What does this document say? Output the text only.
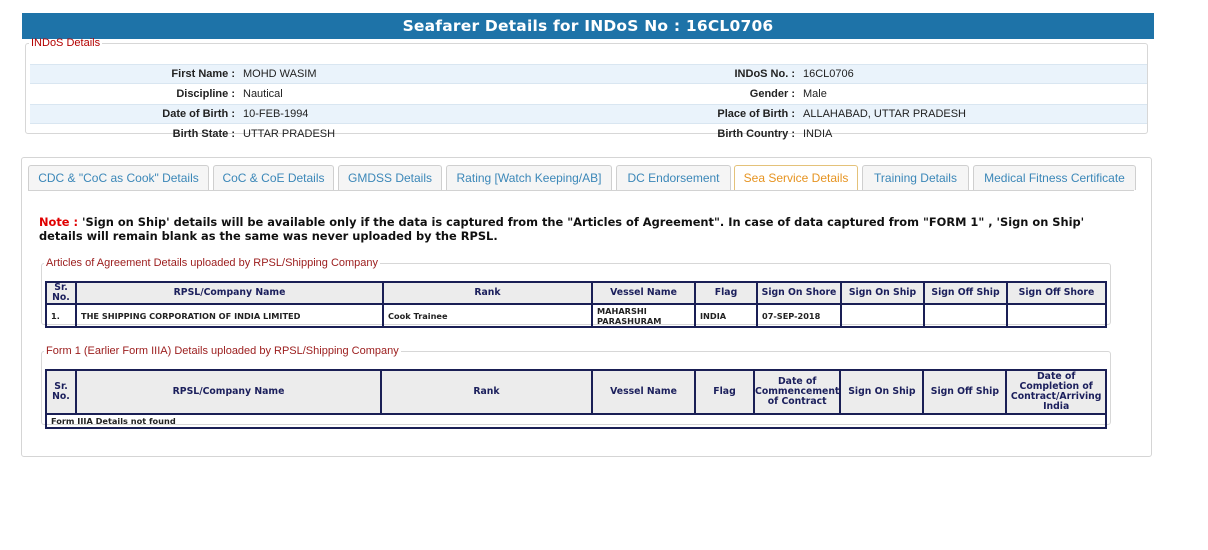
Seafarer Details for INDoS No : 16CL0706
INDoS Details
First Name : MOHD WASIM	INDoS No. : 16CL0706
Discipline : Nautical	Gender : Male
Date of Birth : 10-FEB-1994	Place of Birth : ALLAHABAD, UTTAR PRADESH
Birth State : UTTAR PRADESH	Birth Country : INDIA
CDC & "CoC as Cook" Details	CoC & CoE Details	GMDSS Details	Rating [Watch Keeping/AB]	DC Endorsement	Sea Service Details	Training Details	Medical Fitness Certificate
Note : 'Sign on Ship' details will be available only if the data is captured from the "Articles of Agreement". In case of data captured from "FORM 1" , 'Sign on Ship' details will remain blank as the same was never uploaded by the RPSL.
Articles of Agreement Details uploaded by RPSL/Shipping Company
Sr. No.	RPSL/Company Name	Rank	Vessel Name	Flag	Sign On Shore	Sign On Ship	Sign Off Ship	Sign Off Shore
1.	THE SHIPPING CORPORATION OF INDIA LIMITED	Cook Trainee	MAHARSHI PARASHURAM	INDIA	07-SEP-2018			
Form 1 (Earlier Form IIIA) Details uploaded by RPSL/Shipping Company
Sr. No.	RPSL/Company Name	Rank	Vessel Name	Flag	Date of Commencement of Contract	Sign On Ship	Sign Off Ship	Date of Completion of Contract/Arriving India
Form IIIA Details not found
